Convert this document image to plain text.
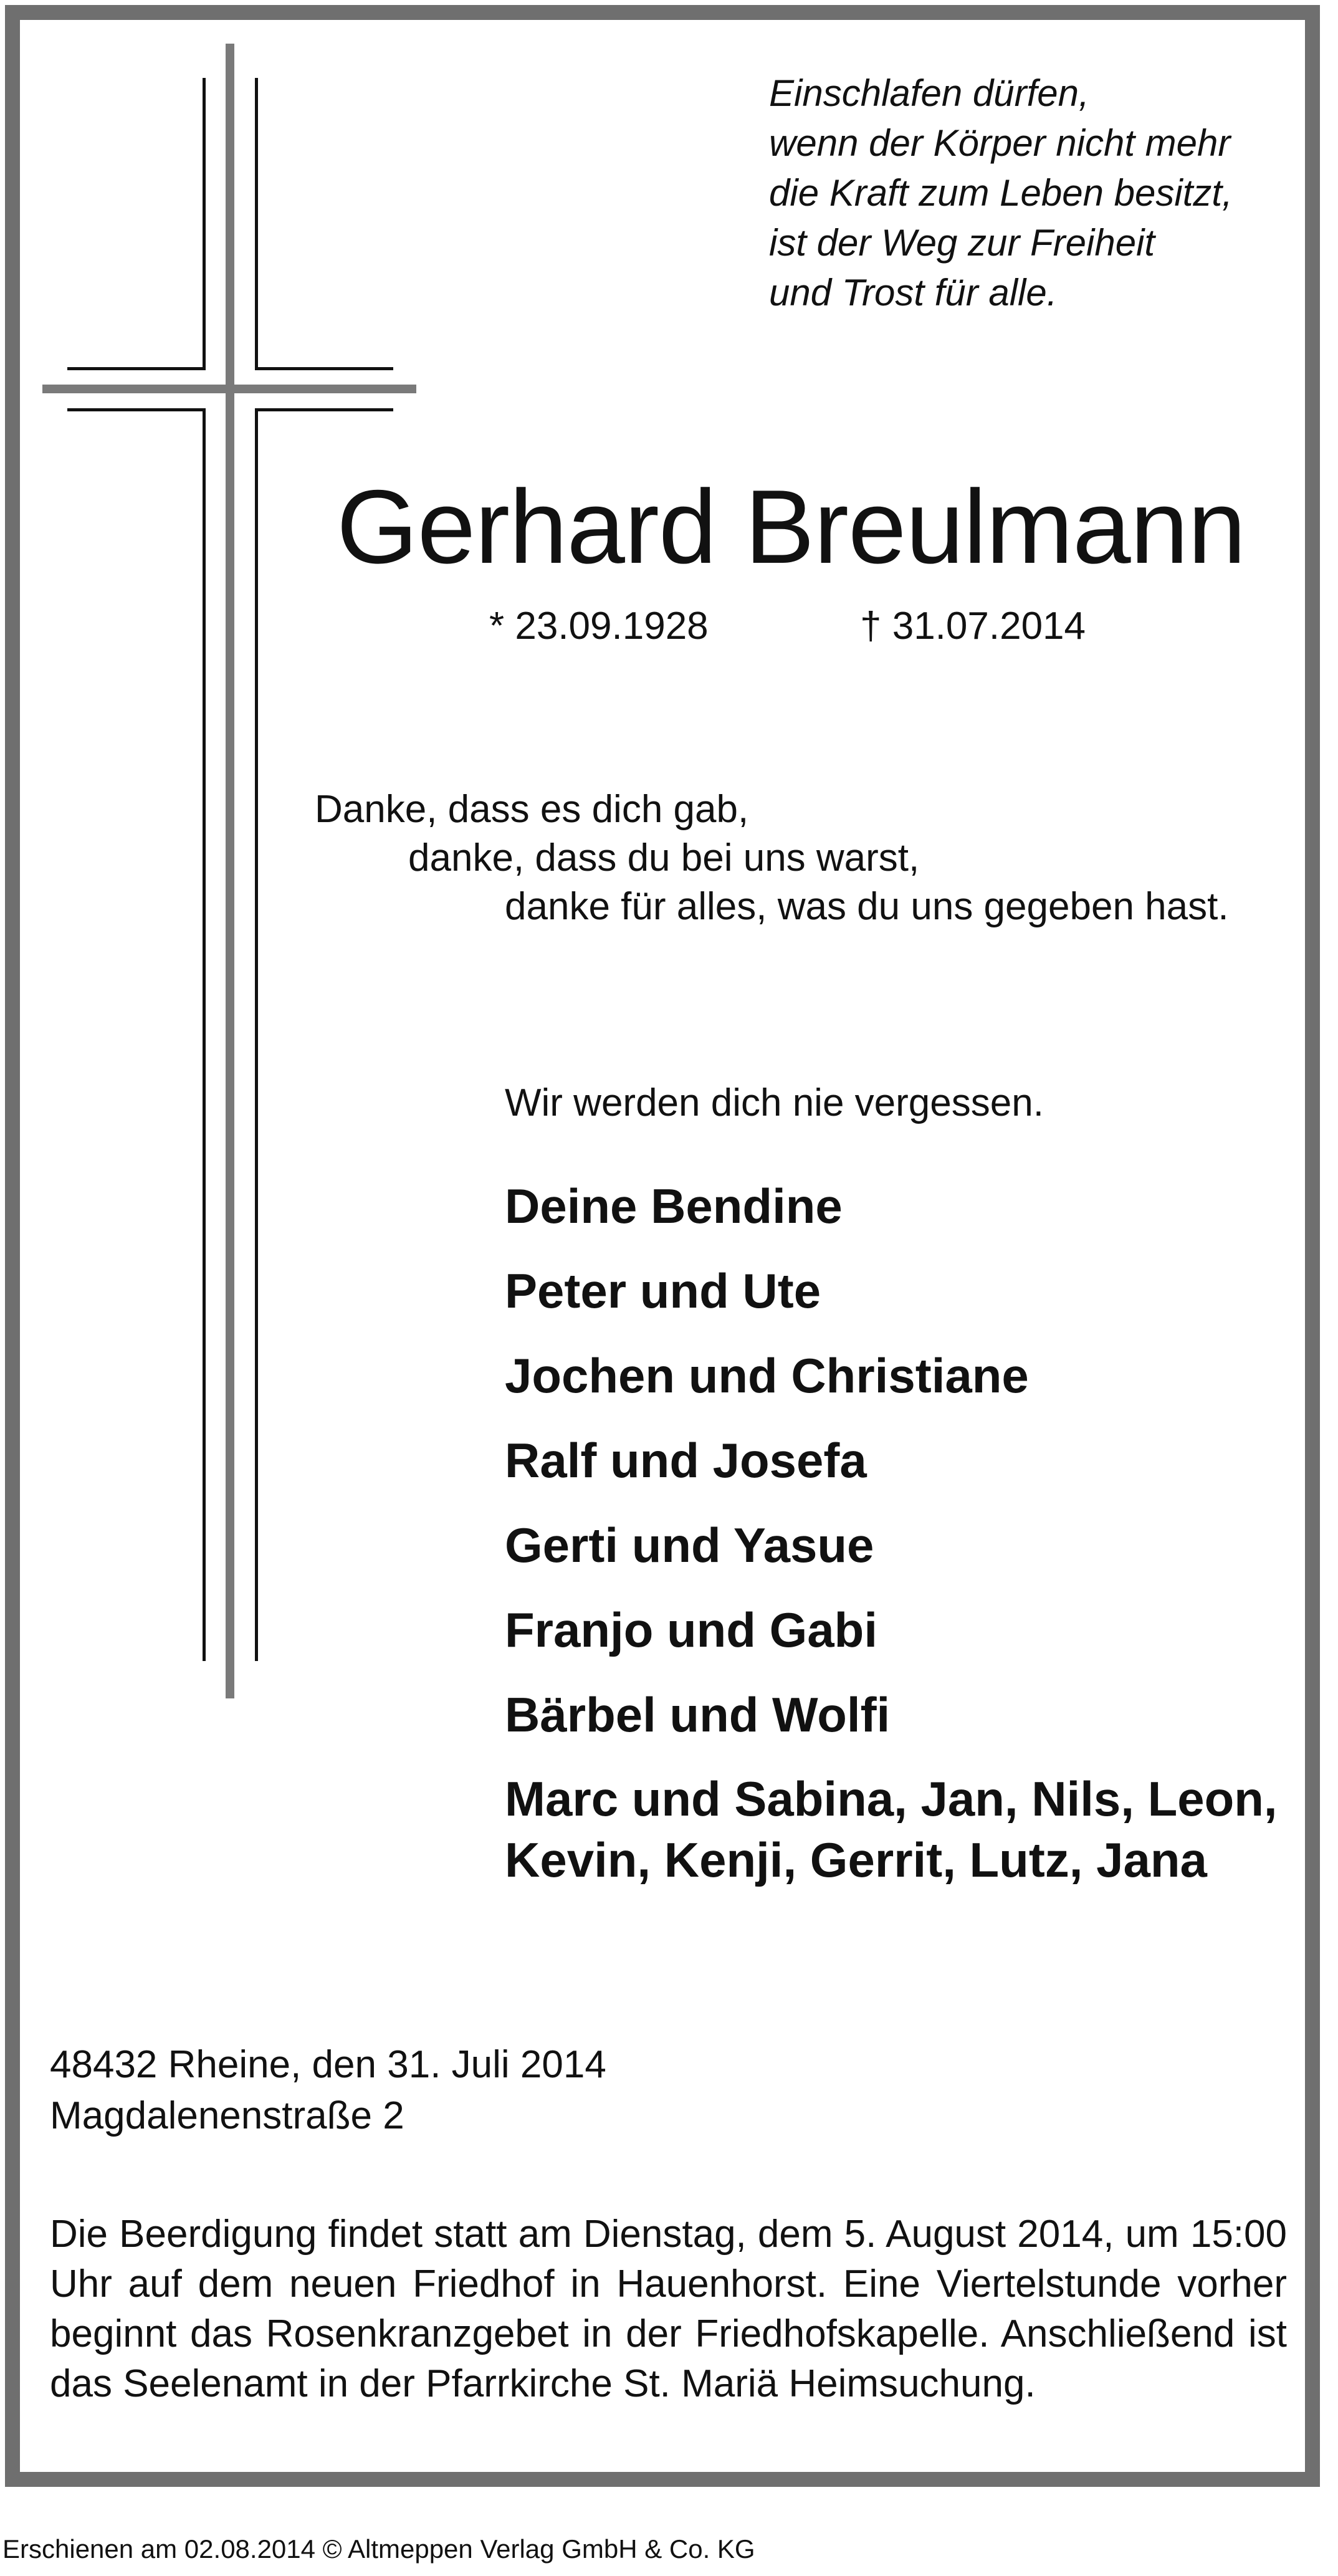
Einschlafen dürfen,
wenn der Körper nicht mehr
die Kraft zum Leben besitzt,
ist der Weg zur Freiheit
und Trost für alle.
Gerhard Breulmann
* 23.09.1928	† 31.07.2014
Danke, dass es dich gab,
danke, dass du bei uns warst,
danke für alles, was du uns gegeben hast.
Wir werden dich nie vergessen.
Deine Bendine
Peter und Ute
Jochen und Christiane
Ralf und Josefa
Gerti und Yasue
Franjo und Gabi
Bärbel und Wolfi
Marc und Sabina, Jan, Nils, Leon, Kevin, Kenji, Gerrit, Lutz, Jana
48432 Rheine, den 31. Juli 2014
Magdalenenstraße 2

Die Beerdigung findet statt am Dienstag, dem 5. August 2014, um 15:00 Uhr auf dem neuen Friedhof in Hauenhorst. Eine Viertelstunde vorher beginnt das Rosenkranzgebet in der Friedhofskapelle. Anschließend ist das Seelenamt in der Pfarrkirche St. Mariä Heimsuchung.

Erschienen am 02.08.2014 © Altmeppen Verlag GmbH & Co. KG
